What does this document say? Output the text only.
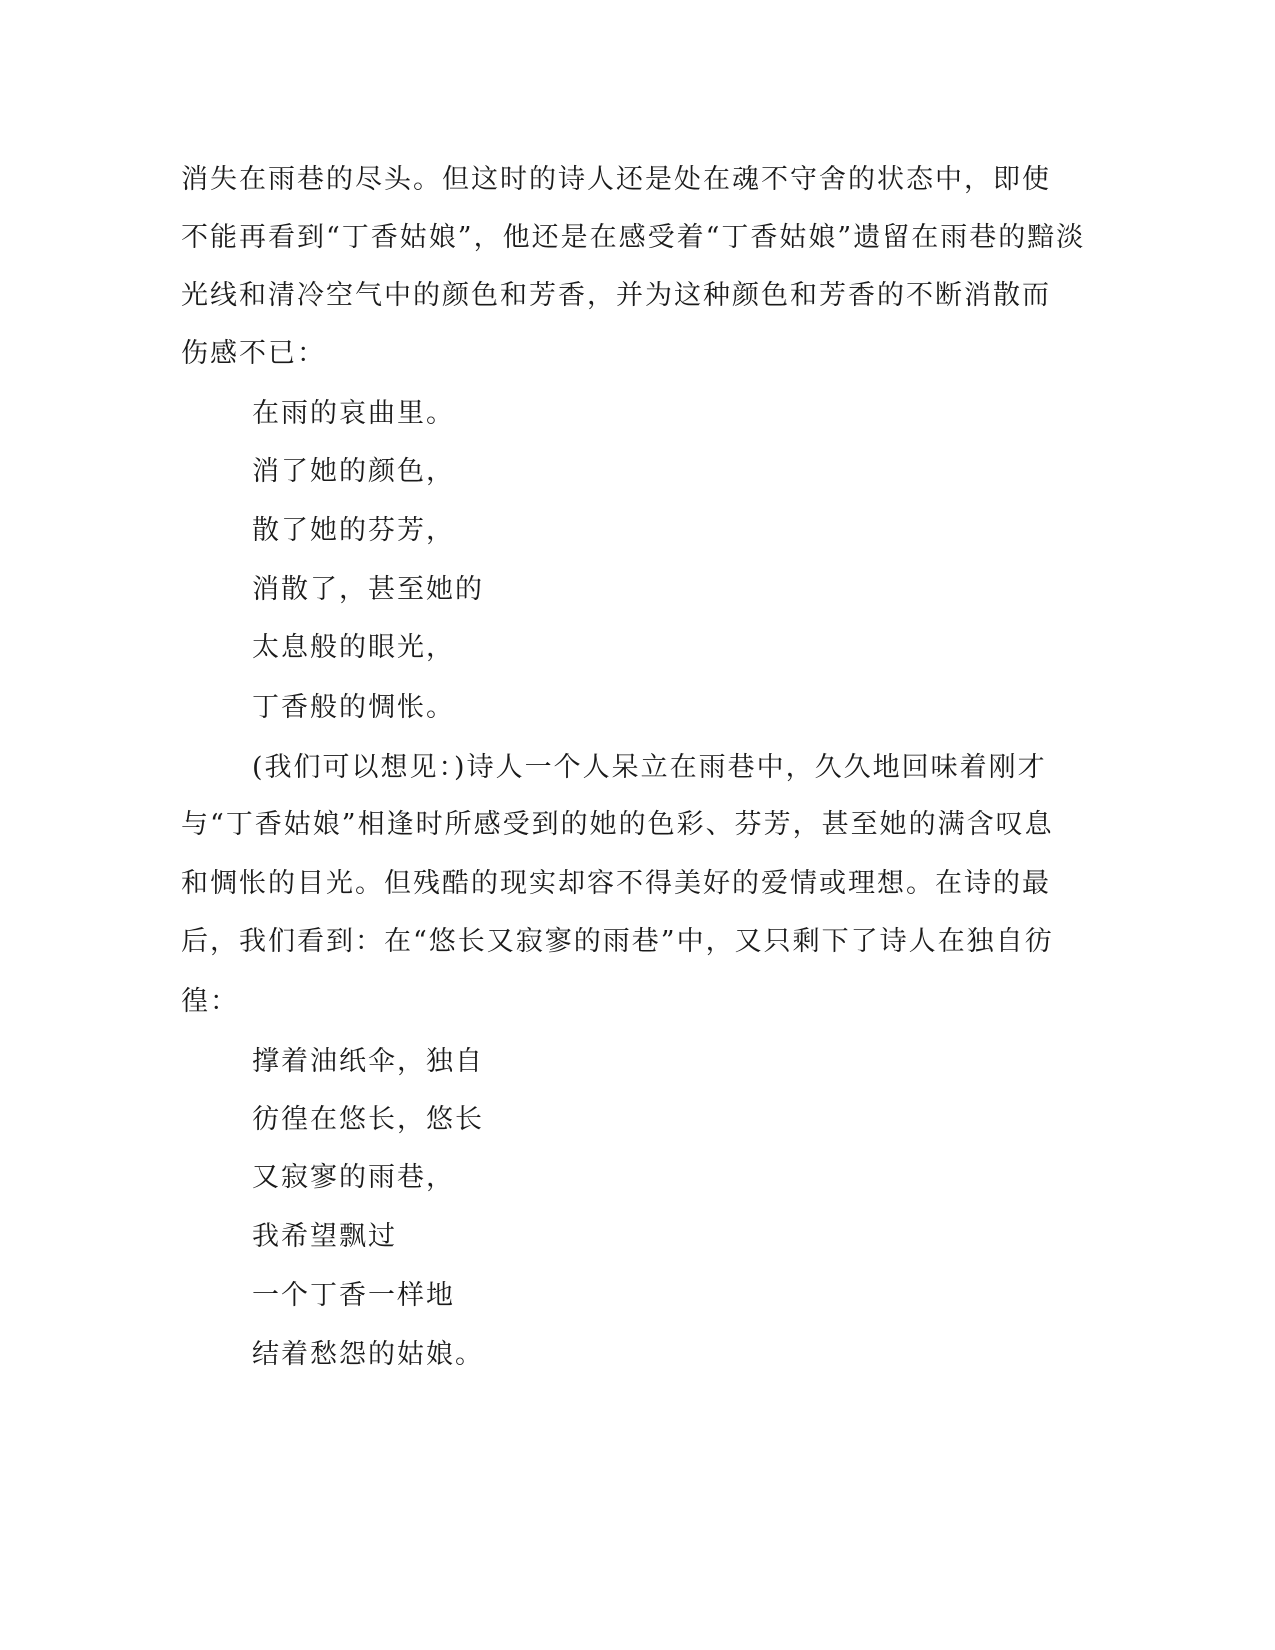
消失在雨巷的尽头。但这时的诗人还是处在魂不守舍的状态中，即使
不能再看到“丁香姑娘”，他还是在感受着“丁香姑娘”遗留在雨巷的黯淡
光线和清冷空气中的颜色和芳香，并为这种颜色和芳香的不断消散而
伤感不已：
在雨的哀曲里。
消了她的颜色，
散了她的芬芳，
消散了，甚至她的
太息般的眼光，
丁香般的惆怅。
(我们可以想见：)诗人一个人呆立在雨巷中，久久地回味着刚才
与“丁香姑娘”相逢时所感受到的她的色彩、芬芳，甚至她的满含叹息
和惆怅的目光。但残酷的现实却容不得美好的爱情或理想。在诗的最
后，我们看到：在“悠长又寂寥的雨巷”中，又只剩下了诗人在独自彷
徨：
撑着油纸伞，独自
彷徨在悠长，悠长
又寂寥的雨巷，
我希望飘过
一个丁香一样地
结着愁怨的姑娘。
